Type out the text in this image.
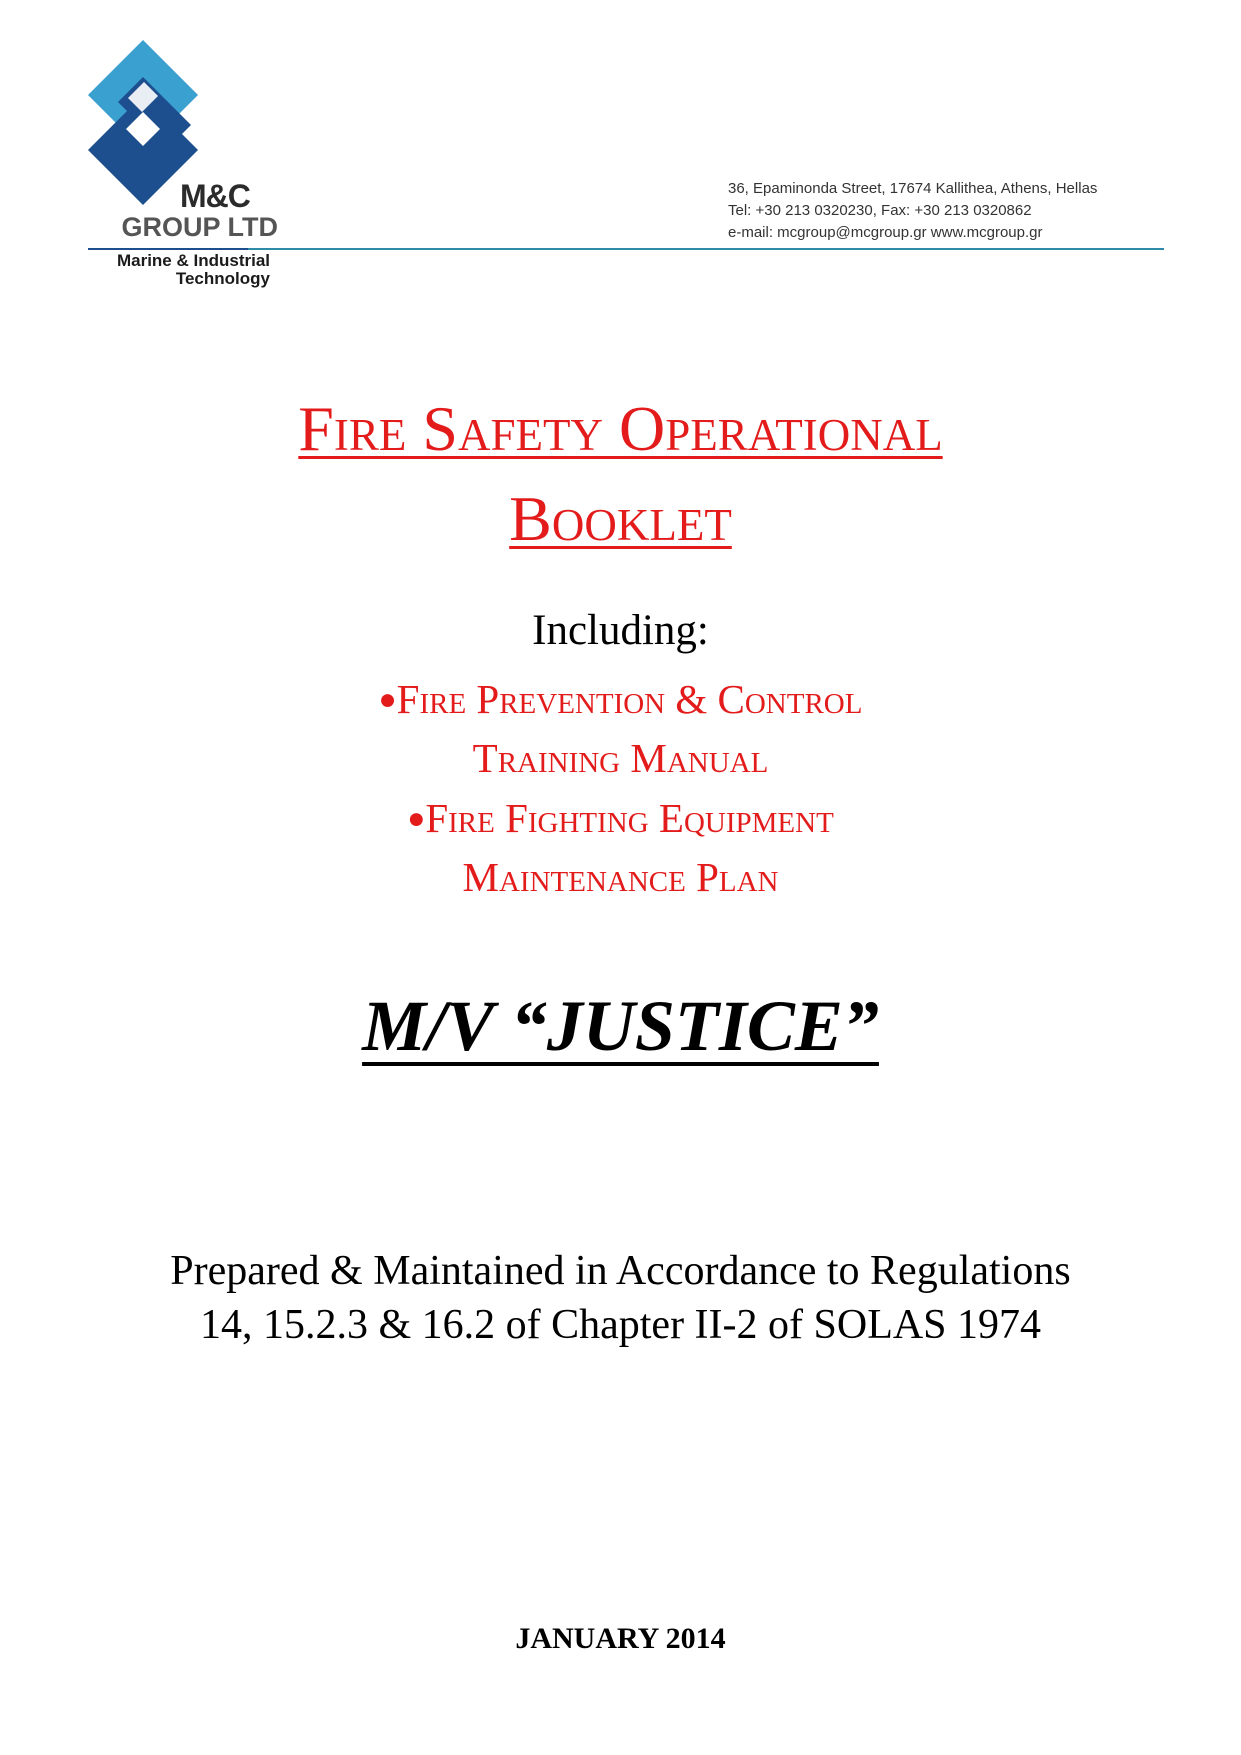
M&C
GROUP LTD
Marine & Industrial
Technology
36, Epaminonda Street, 17674 Kallithea, Athens, Hellas
Tel: +30 213 0320230, Fax: +30 213 0320862
e-mail: mcgroup@mcgroup.gr www.mcgroup.gr
Fire Safety Operational
Booklet
Including:
●Fire Prevention & Control
Training Manual
●Fire Fighting Equipment
Maintenance Plan
M/V “JUSTICE”
Prepared & Maintained in Accordance to Regulations
14, 15.2.3 & 16.2 of Chapter II-2 of SOLAS 1974
JANUARY 2014
